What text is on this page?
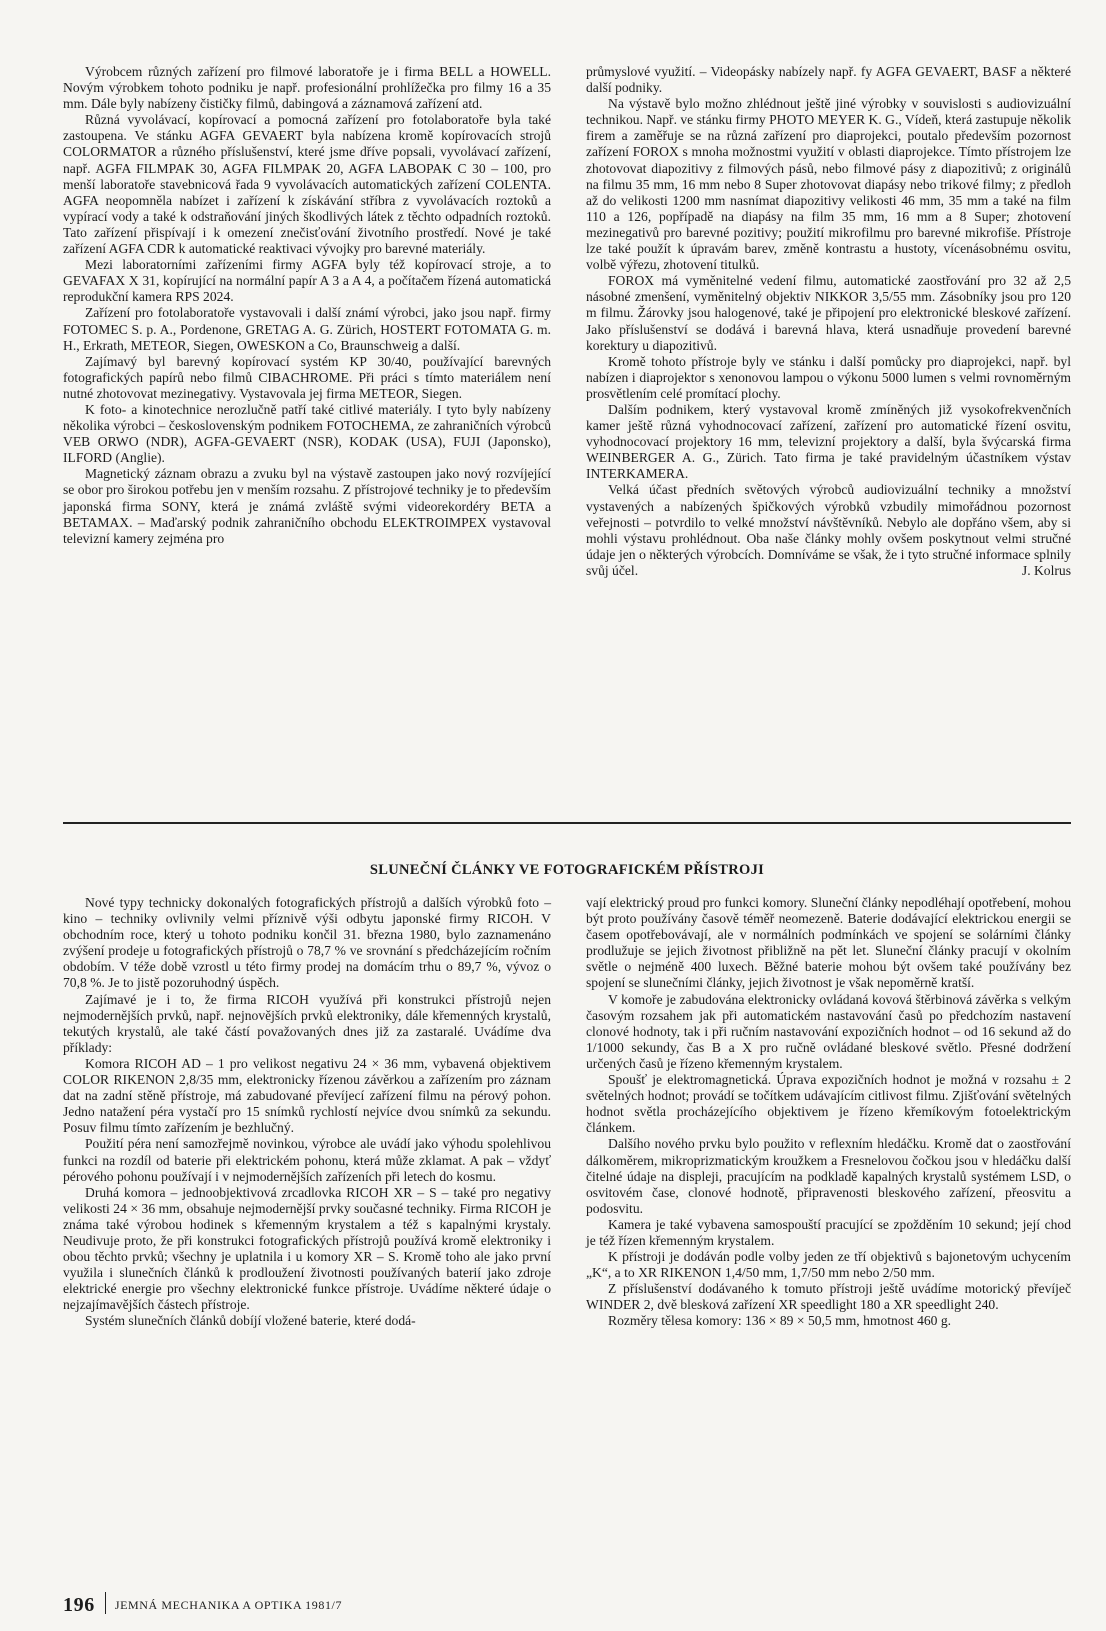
Výrobcem různých zařízení pro filmové laboratoře je i firma BELL a HOWELL. Novým výrobkem tohoto podniku je např. profesionální prohlížečka pro filmy 16 a 35 mm. Dále byly nabízeny čističky filmů, dabingová a záznamová zařízení atd.

Různá vyvolávací, kopírovací a pomocná zařízení pro fotolaboratoře byla také zastoupena. Ve stánku AGFA GEVAERT byla nabízena kromě kopírovacích strojů COLORMATOR a různého příslušenství, které jsme dříve popsali, vyvolávací zařízení, např. AGFA FILMPAK 30, AGFA FILMPAK 20, AGFA LABOPAK C 30 – 100, pro menší laboratoře stavebnicová řada 9 vyvolávacích automatických zařízení COLENTA. AGFA neopomněla nabízet i zařízení k získávání stříbra z vyvolávacích roztoků a vypírací vody a také k odstraňování jiných škodlivých látek z těchto odpadních roztoků. Tato zařízení přispívají i k omezení znečisťování životního prostředí. Nové je také zařízení AGFA CDR k automatické reaktivaci vývojky pro barevné materiály.

Mezi laboratorními zařízeními firmy AGFA byly též kopírovací stroje, a to GEVAFAX X 31, kopírující na normální papír A 3 a A 4, a počítačem řízená automatická reprodukční kamera RPS 2024.

Zařízení pro fotolaboratoře vystavovali i další známí výrobci, jako jsou např. firmy FOTOMEC S. p. A., Pordenone, GRETAG A. G. Zürich, HOSTERT FOTOMATA G. m. H., Erkrath, METEOR, Siegen, OWESKON a Co, Braunschweig a další.

Zajímavý byl barevný kopírovací systém KP 30/40, používající barevných fotografických papírů nebo filmů CIBACHROME. Při práci s tímto materiálem není nutné zhotovovat mezinegativy. Vystavovala jej firma METEOR, Siegen.

K foto- a kinotechnice nerozlučně patří také citlivé materiály. I tyto byly nabízeny několika výrobci – československým podnikem FOTOCHEMA, ze zahraničních výrobců VEB ORWO (NDR), AGFA-GEVAERT (NSR), KODAK (USA), FUJI (Japonsko), ILFORD (Anglie).

Magnetický záznam obrazu a zvuku byl na výstavě zastoupen jako nový rozvíjející se obor pro širokou potřebu jen v menším rozsahu. Z přístrojové techniky je to především japonská firma SONY, která je známá zvláště svými videorekordéry BETA a BETAMAX. – Maďarský podnik zahraničního obchodu ELEKTROIMPEX vystavoval televizní kamery zejména pro

průmyslové využití. – Videopásky nabízely např. fy AGFA GEVAERT, BASF a některé další podniky.

Na výstavě bylo možno zhlédnout ještě jiné výrobky v souvislosti s audiovizuální technikou. Např. ve stánku firmy PHOTO MEYER K. G., Vídeň, která zastupuje několik firem a zaměřuje se na různá zařízení pro diaprojekci, poutalo především pozornost zařízení FOROX s mnoha možnostmi využití v oblasti diaprojekce. Tímto přístrojem lze zhotovovat diapozitivy z filmových pásů, nebo filmové pásy z diapozitivů; z originálů na filmu 35 mm, 16 mm nebo 8 Super zhotovovat diapásy nebo trikové filmy; z předloh až do velikosti 1200 mm nasnímat diapozitivy velikosti 46 mm, 35 mm a také na film 110 a 126, popřípadě na diapásy na film 35 mm, 16 mm a 8 Super; zhotovení mezinegativů pro barevné pozitivy; použití mikrofilmu pro barevné mikrofiše. Přístroje lze také použít k úpravám barev, změně kontrastu a hustoty, vícenásobnému osvitu, volbě výřezu, zhotovení titulků.

FOROX má vyměnitelné vedení filmu, automatické zaostřování pro 32 až 2,5 násobné zmenšení, vyměnitelný objektiv NIKKOR 3,5/55 mm. Zásobníky jsou pro 120 m filmu. Žárovky jsou halogenové, také je připojení pro elektronické bleskové zařízení. Jako příslušenství se dodává i barevná hlava, která usnadňuje provedení barevné korektury u diapozitivů.

Kromě tohoto přístroje byly ve stánku i další pomůcky pro diaprojekci, např. byl nabízen i diaprojektor s xenonovou lampou o výkonu 5000 lumen s velmi rovnoměrným prosvětlením celé promítací plochy.

Dalším podnikem, který vystavoval kromě zmíněných již vysokofrekvenčních kamer ještě různá vyhodnocovací zařízení, zařízení pro automatické řízení osvitu, vyhodnocovací projektory 16 mm, televizní projektory a další, byla švýcarská firma WEINBERGER A. G., Zürich. Tato firma je také pravidelným účastníkem výstav INTERKAMERA.

Velká účast předních světových výrobců audiovizuální techniky a množství vystavených a nabízených špičkových výrobků vzbudily mimořádnou pozornost veřejnosti – potvrdilo to velké množství návštěvníků. Nebylo ale dopřáno všem, aby si mohli výstavu prohlédnout. Oba naše články mohly ovšem poskytnout velmi stručné údaje jen o některých výrobcích. Domníváme se však, že i tyto stručné informace splnily svůj účel.	J. Kolrus

SLUNEČNÍ ČLÁNKY VE FOTOGRAFICKÉM PŘÍSTROJI

Nové typy technicky dokonalých fotografických přístrojů a dalších výrobků foto – kino – techniky ovlivnily velmi příznivě výši odbytu japonské firmy RICOH. V obchodním roce, který u tohoto podniku končil 31. března 1980, bylo zaznamenáno zvýšení prodeje u fotografických přístrojů o 78,7 % ve srovnání s předcházejícím ročním obdobím. V téže době vzrostl u této firmy prodej na domácím trhu o 89,7 %, vývoz o 70,8 %. Je to jistě pozoruhodný úspěch.

Zajímavé je i to, že firma RICOH využívá při konstrukci přístrojů nejen nejmodernějších prvků, např. nejnovějších prvků elektroniky, dále křemenných krystalů, tekutých krystalů, ale také částí považovaných dnes již za zastaralé. Uvádíme dva příklady:

Komora RICOH AD – 1 pro velikost negativu 24 × 36 mm, vybavená objektivem COLOR RIKENON 2,8/35 mm, elektronicky řízenou závěrkou a zařízením pro záznam dat na zadní stěně přístroje, má zabudované převíjecí zařízení filmu na pérový pohon. Jedno natažení péra vystačí pro 15 snímků rychlostí nejvíce dvou snímků za sekundu. Posuv filmu tímto zařízením je bezhlučný.

Použití péra není samozřejmě novinkou, výrobce ale uvádí jako výhodu spolehlivou funkci na rozdíl od baterie při elektrickém pohonu, která může zklamat. A pak – vždyť pérového pohonu používají i v nejmodernějších zařízeních při letech do kosmu.

Druhá komora – jednoobjektivová zrcadlovka RICOH XR – S – také pro negativy velikosti 24 × 36 mm, obsahuje nejmodernější prvky současné techniky. Firma RICOH je známa také výrobou hodinek s křemenným krystalem a též s kapalnými krystaly. Neudivuje proto, že při konstrukci fotografických přístrojů používá kromě elektroniky i obou těchto prvků; všechny je uplatnila i u komory XR – S. Kromě toho ale jako první využila i slunečních článků k prodloužení životnosti používaných baterií jako zdroje elektrické energie pro všechny elektronické funkce přístroje. Uvádíme některé údaje o nejzajímavějších částech přístroje.

Systém slunečních článků dobíjí vložené baterie, které dodá-

vají elektrický proud pro funkci komory. Sluneční články nepodléhají opotřebení, mohou být proto používány časově téměř neomezeně. Baterie dodávající elektrickou energii se časem opotřebovávají, ale v normálních podmínkách ve spojení se solárními články prodlužuje se jejich životnost přibližně na pět let. Sluneční články pracují v okolním světle o nejméně 400 luxech. Běžné baterie mohou být ovšem také používány bez spojení se slunečními články, jejich životnost je však nepoměrně kratší.

V komoře je zabudována elektronicky ovládaná kovová štěrbinová závěrka s velkým časovým rozsahem jak při automatickém nastavování časů po předchozím nastavení clonové hodnoty, tak i při ručním nastavování expozičních hodnot – od 16 sekund až do 1/1000 sekundy, čas B a X pro ručně ovládané bleskové světlo. Přesné dodržení určených časů je řízeno křemenným krystalem.

Spoušť je elektromagnetická. Úprava expozičních hodnot je možná v rozsahu ± 2 světelných hodnot; provádí se točítkem udávajícím citlivost filmu. Zjišťování světelných hodnot světla procházejícího objektivem je řízeno křemíkovým fotoelektrickým článkem.

Dalšího nového prvku bylo použito v reflexním hledáčku. Kromě dat o zaostřování dálkoměrem, mikroprizmatickým kroužkem a Fresnelovou čočkou jsou v hledáčku další čitelné údaje na displeji, pracujícím na podkladě kapalných krystalů systémem LSD, o osvitovém čase, clonové hodnotě, připravenosti bleskového zařízení, přeosvitu a podosvitu.

Kamera je také vybavena samospouští pracující se zpožděním 10 sekund; její chod je též řízen křemenným krystalem.

K přístroji je dodáván podle volby jeden ze tří objektivů s bajonetovým uchycením „K“, a to XR RIKENON 1,4/50 mm, 1,7/50 mm nebo 2/50 mm.

Z příslušenství dodávaného k tomuto přístroji ještě uvádíme motorický převíječ WINDER 2, dvě blesková zařízení XR speedlight 180 a XR speedlight 240.

Rozměry tělesa komory: 136 × 89 × 50,5 mm, hmotnost 460 g.

196 JEMNÁ MECHANIKA A OPTIKA 1981/7
